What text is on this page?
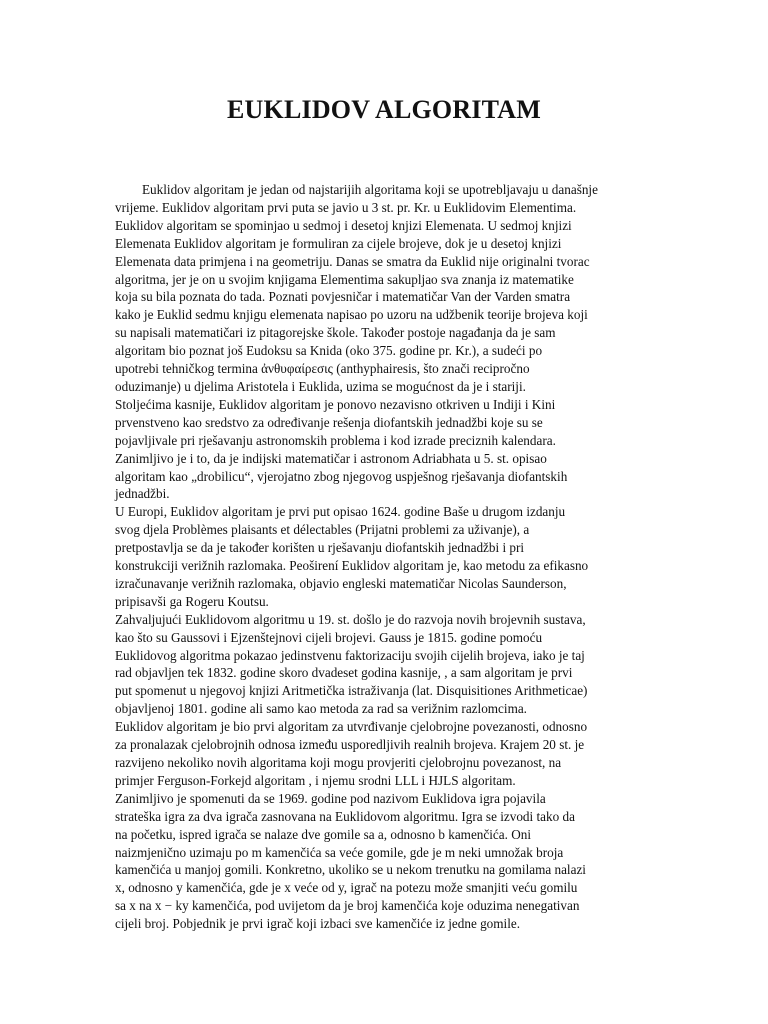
EUKLIDOV ALGORITAM
Euklidov algoritam je jedan od najstarijih algoritama koji se upotrebljavaju u današnje
vrijeme. Euklidov algoritam prvi puta se javio u 3 st. pr. Kr. u Euklidovim Elementima.
Euklidov algoritam se spominjao u sedmoj i desetoj knjizi Elemenata. U sedmoj knjizi
Elemenata Euklidov algoritam je formuliran za cijele brojeve, dok je u desetoj knjizi
Elemenata data primjena i na geometriju. Danas se smatra da Euklid nije originalni tvorac
algoritma, jer je on u svojim knjigama Elementima sakupljao sva znanja iz matematike
koja su bila poznata do tada. Poznati povjesničar i matematičar Van der Varden smatra
kako je Euklid sedmu knjigu elemenata napisao po uzoru na udžbenik teorije brojeva koji
su napisali matematičari iz pitagorejske škole. Također postoje nagađanja da je sam
algoritam bio poznat još Eudoksu sa Knida (oko 375. godine pr. Kr.), a sudeći po
upotrebi tehničkog termina ἀνθυφαίρεσις (anthyphairesis, što znači recipročno
oduzimanje) u djelima Aristotela i Euklida, uzima se mogućnost da je i stariji.
Stoljećima kasnije, Euklidov algoritam je ponovo nezavisno otkriven u Indiji i Kini
prvenstveno kao sredstvo za određivanje rešenja diofantskih jednadžbi koje su se
pojavljivale pri rješavanju astronomskih problema i kod izrade preciznih kalendara.
Zanimljivo je i to, da je indijski matematičar i astronom Adriabhata u 5. st. opisao
algoritam kao „drobilicu“, vjerojatno zbog njegovog uspješnog rješavanja diofantskih
jednadžbi.
U Europi, Euklidov algoritam je prvi put opisao 1624. godine Baše u drugom izdanju
svog djela Problèmes plaisants et délectables (Prijatni problemi za uživanje), a
pretpostavlja se da je također korišten u rješavanju diofantskih jednadžbi i pri
konstrukciji verižnih razlomaka. Peoširení Euklidov algoritam je, kao metodu za efikasno
izračunavanje verižnih razlomaka, objavio engleski matematičar Nicolas Saunderson,
pripisavši ga Rogeru Koutsu.
Zahvaljujući Euklidovom algoritmu u 19. st. došlo je do razvoja novih brojevnih sustava,
kao što su Gaussovi i Ejzenštejnovi cijeli brojevi. Gauss je 1815. godine pomoću
Euklidovog algoritma pokazao jedinstvenu faktorizaciju svojih cijelih brojeva, iako je taj
rad objavljen tek 1832. godine skoro dvadeset godina kasnije, , a sam algoritam je prvi
put spomenut u njegovoj knjizi Aritmetička istraživanja (lat. Disquisitiones Arithmeticae)
objavljenoj 1801. godine ali samo kao metoda za rad sa verižnim razlomcima.
Euklidov algoritam je bio prvi algoritam za utvrđivanje cjelobrojne povezanosti, odnosno
za pronalazak cjelobrojnih odnosa između usporedljivih realnih brojeva. Krajem 20 st. je
razvijeno nekoliko novih algoritama koji mogu provjeriti cjelobrojnu povezanost, na
primjer Ferguson-Forkejd algoritam , i njemu srodni LLL i HJLS algoritam.
Zanimljivo je spomenuti da se 1969. godine pod nazivom Euklidova igra pojavila
strateška igra za dva igrača zasnovana na Euklidovom algoritmu. Igra se izvodi tako da
na početku, ispred igrača se nalaze dve gomile sa a, odnosno b kamenčića. Oni
naizmjenično uzimaju po m kamenčića sa veće gomile, gde je m neki umnožak broja
kamenčića u manjoj gomili. Konkretno, ukoliko se u nekom trenutku na gomilama nalazi
x, odnosno y kamenčića, gde je x veće od y, igrač na potezu može smanjiti veću gomilu
sa x na x − ky kamenčića, pod uvijetom da je broj kamenčića koje oduzima nenegativan
cijeli broj. Pobjednik je prvi igrač koji izbaci sve kamenčiće iz jedne gomile.
